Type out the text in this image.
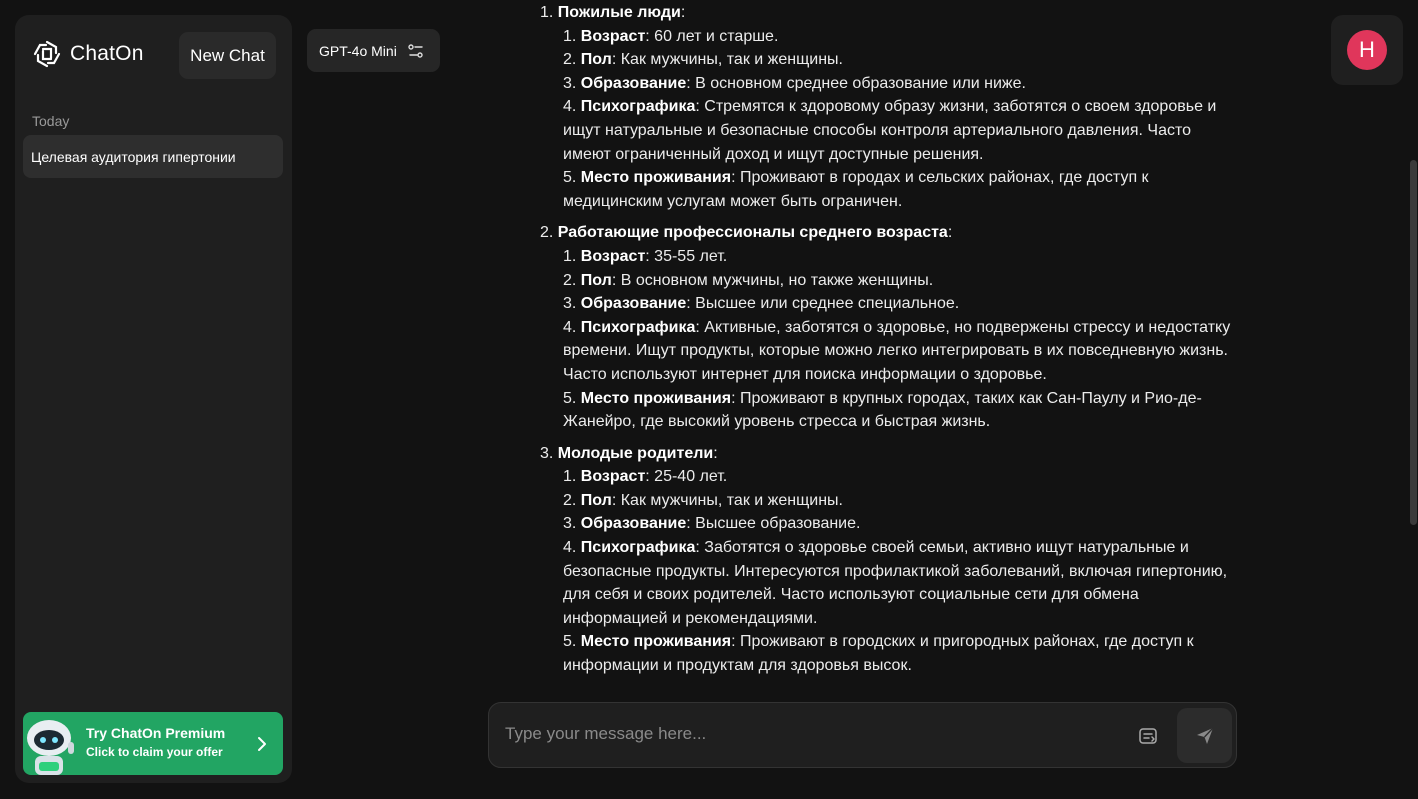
ChatOn	New Chat
Today
Целевая аудитория гипертонии
Try ChatOn Premium
Click to claim your offer
GPT-4o Mini	H
1. Пожилые люди:
1. Возраст: 60 лет и старше.
2. Пол: Как мужчины, так и женщины.
3. Образование: В основном среднее образование или ниже.
4. Психографика: Стремятся к здоровому образу жизни, заботятся о своем здоровье и ищут натуральные и безопасные способы контроля артериального давления. Часто имеют ограниченный доход и ищут доступные решения.
5. Место проживания: Проживают в городах и сельских районах, где доступ к медицинским услугам может быть ограничен.
2. Работающие профессионалы среднего возраста:
1. Возраст: 35-55 лет.
2. Пол: В основном мужчины, но также женщины.
3. Образование: Высшее или среднее специальное.
4. Психографика: Активные, заботятся о здоровье, но подвержены стрессу и недостатку времени. Ищут продукты, которые можно легко интегрировать в их повседневную жизнь. Часто используют интернет для поиска информации о здоровье.
5. Место проживания: Проживают в крупных городах, таких как Сан-Паулу и Рио-де-Жанейро, где высокий уровень стресса и быстрая жизнь.
3. Молодые родители:
1. Возраст: 25-40 лет.
2. Пол: Как мужчины, так и женщины.
3. Образование: Высшее образование.
4. Психографика: Заботятся о здоровье своей семьи, активно ищут натуральные и безопасные продукты. Интересуются профилактикой заболеваний, включая гипертонию, для себя и своих родителей. Часто используют социальные сети для обмена информацией и рекомендациями.
5. Место проживания: Проживают в городских и пригородных районах, где доступ к информации и продуктам для здоровья высок.
Type your message here...
